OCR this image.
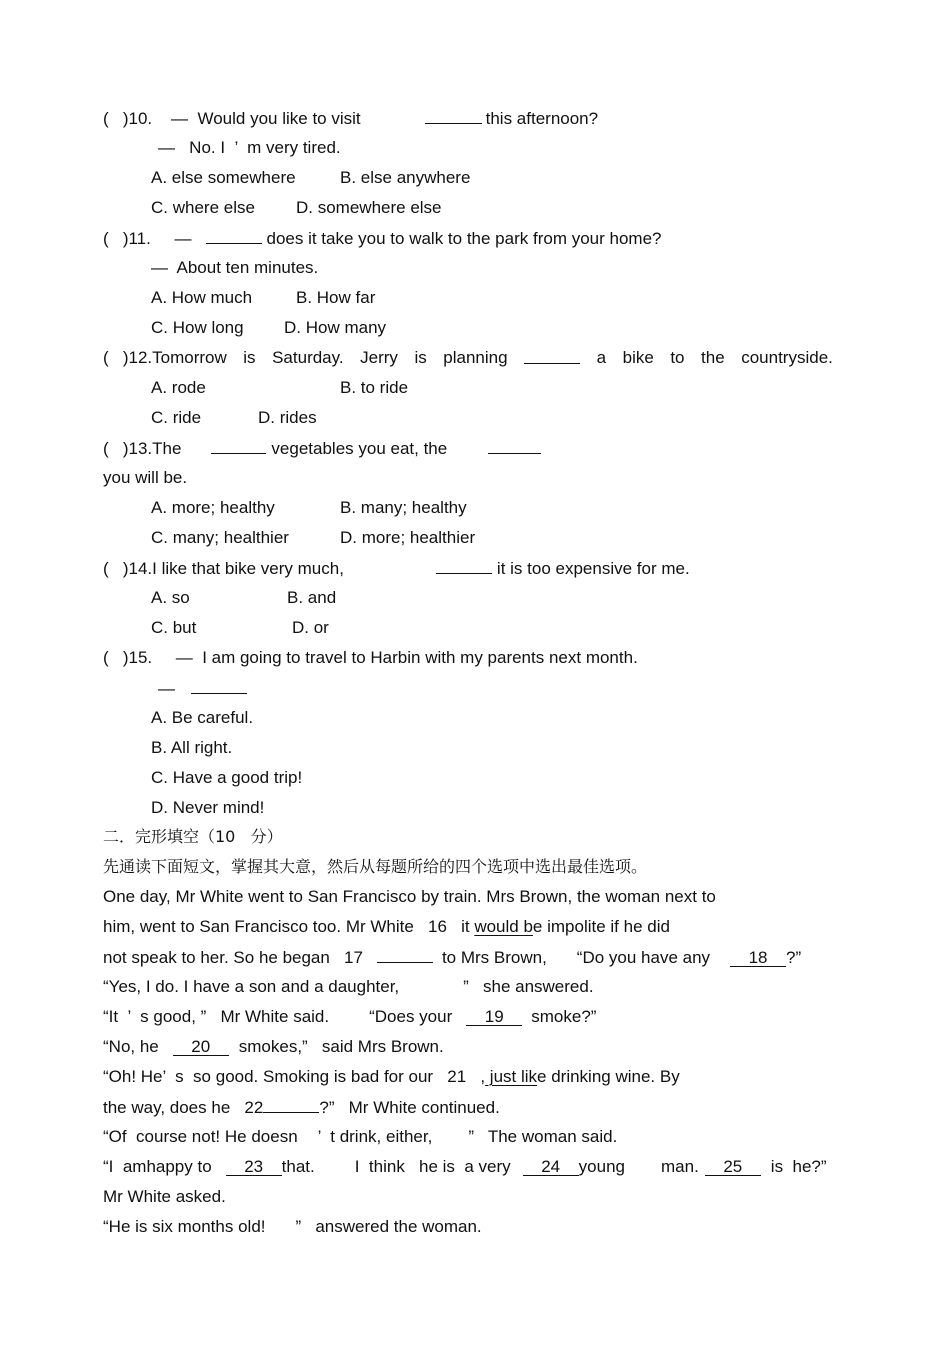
(   )10. —  Would you like to visit	this afternoon?
—   No. I  ’  m very tired.
A. else somewhere	B. else anywhere
C. where else D. somewhere else
(   )11. —	does it take you to walk to the park from your home?
—  About ten minutes.
A. How much	B. How far
C. How long D. How many
(   )12.Tomorrow is Saturday. Jerry is planning	a bike to the countryside.
A. rode	B. to ride
C. ride	D. rides
(   )13.The	vegetables you eat, the
you will be.
A. more; healthy	B. many; healthy
C. many; healthier	D. more; healthier
(   )14.I like that bike very much,	it is too expensive for me.
A. so	B. and
C. but	D. or
(   )15. —  I am going to travel to Harbin with my parents next month.
—
A. Be careful.
B. All right.
C. Have a good trip!
D. Never mind!
二．完形填空（10   分）
先通读下面短文，掌握其大意，然后从每题所给的四个选项中选出最佳选项。
One day, Mr White went to San Francisco by train. Mrs Brown, the woman next to
him, went to San Francisco too. Mr White   16   it would be impolite if he did
not speak to her. So he began   17	to Mrs Brown, “Do you have any 18 ?”
“Yes, I do. I have a son and a daughter,	”   she answered.
“It  ’  s good, ”   Mr White said. “Does your 19 smoke?”
“No, he 20 smokes,”   said Mrs Brown.
“Oh! He’  s  so good. Smoking is bad for our   21   , just like drinking wine. By
the way, does he   22	?”   Mr White continued.
“Of  course not! He doesn ’  t drink, either, ”   The woman said.
“I  amhappy to 23 that. I  think   he is  a very 24 young man. 25 is  he?”
Mr White asked.
“He is six months old! ”   answered the woman.
